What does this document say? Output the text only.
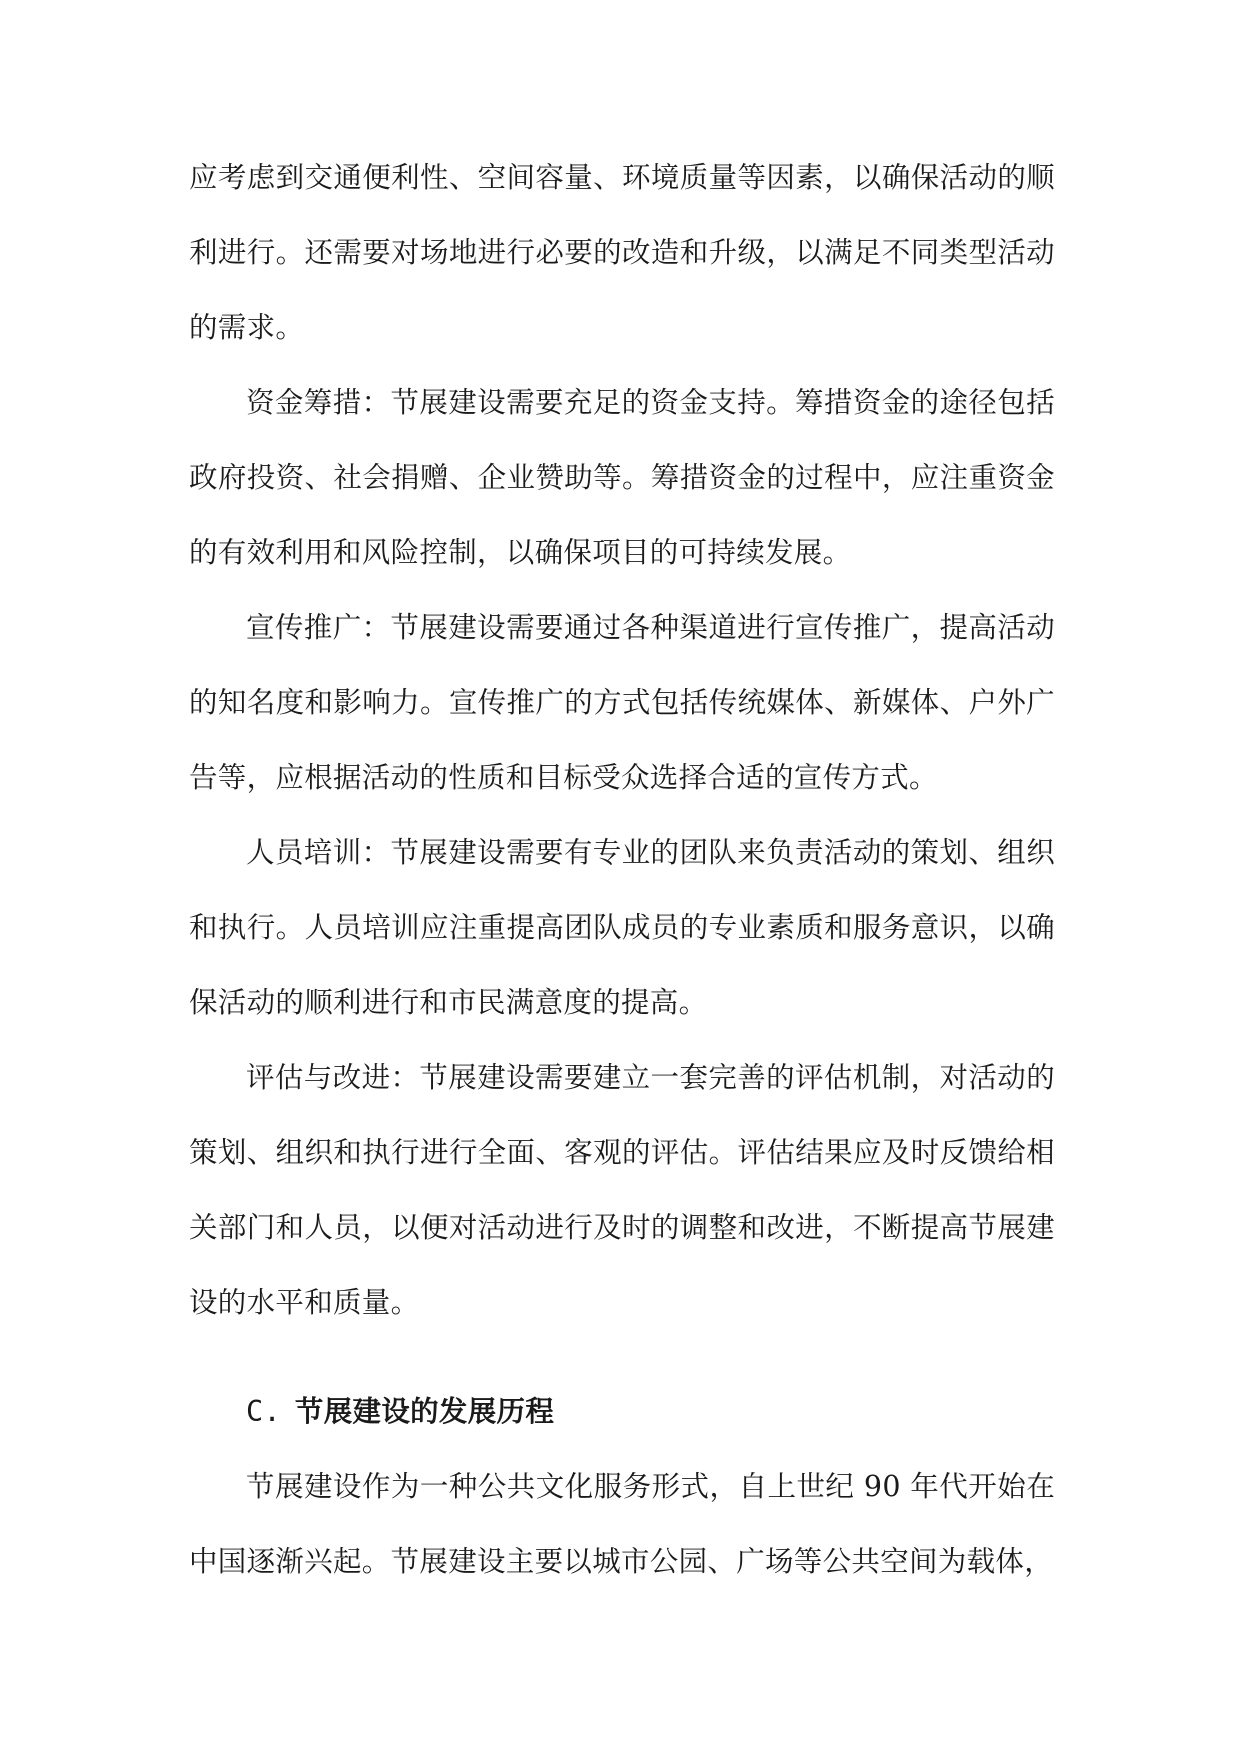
应考虑到交通便利性、空间容量、环境质量等因素，以确保活动的顺利进行。还需要对场地进行必要的改造和升级，以满足不同类型活动的需求。

资金筹措：节展建设需要充足的资金支持。筹措资金的途径包括政府投资、社会捐赠、企业赞助等。筹措资金的过程中，应注重资金的有效利用和风险控制，以确保项目的可持续发展。

宣传推广：节展建设需要通过各种渠道进行宣传推广，提高活动的知名度和影响力。宣传推广的方式包括传统媒体、新媒体、户外广告等，应根据活动的性质和目标受众选择合适的宣传方式。

人员培训：节展建设需要有专业的团队来负责活动的策划、组织和执行。人员培训应注重提高团队成员的专业素质和服务意识，以确保活动的顺利进行和市民满意度的提高。

评估与改进：节展建设需要建立一套完善的评估机制，对活动的策划、组织和执行进行全面、客观的评估。评估结果应及时反馈给相关部门和人员，以便对活动进行及时的调整和改进，不断提高节展建设的水平和质量。

C. 节展建设的发展历程

节展建设作为一种公共文化服务形式，自上世纪 90 年代开始在中国逐渐兴起。节展建设主要以城市公园、广场等公共空间为载体，
